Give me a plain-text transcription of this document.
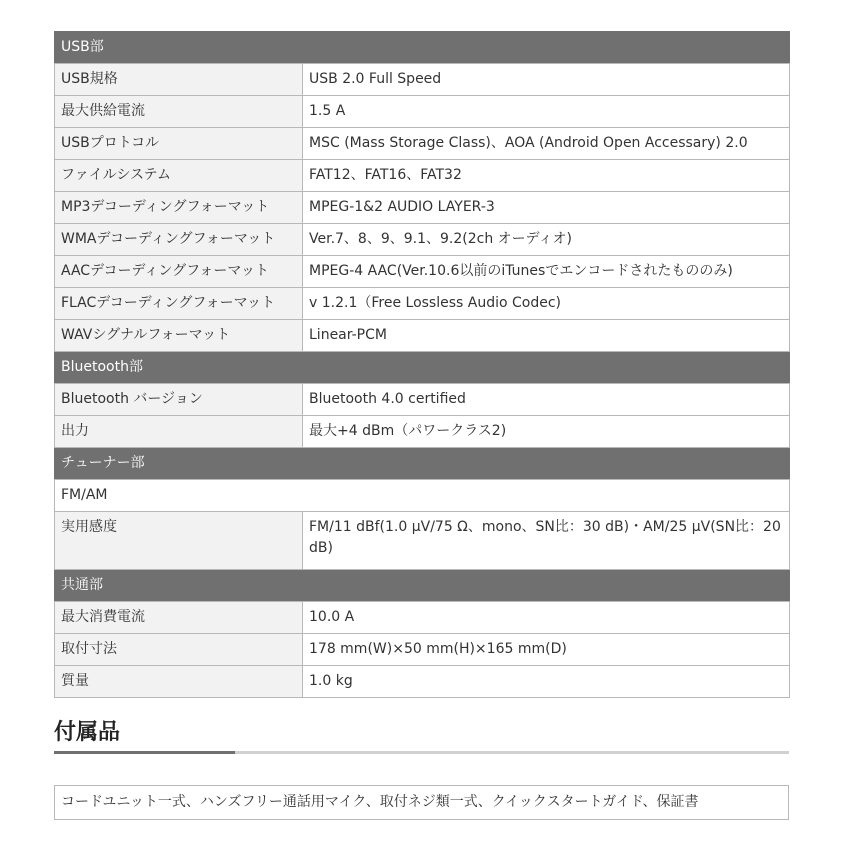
USB部	
USB規格	USB 2.0 Full Speed
最大供給電流	1.5 A
USBプロトコル	MSC (Mass Storage Class)、AOA (Android Open Accessary) 2.0
ファイルシステム	FAT12、FAT16、FAT32
MP3デコーディングフォーマット	MPEG-1&2 AUDIO LAYER-3
WMAデコーディングフォーマット	Ver.7、8、9、9.1、9.2(2ch オーディオ)
AACデコーディングフォーマット	MPEG-4 AAC(Ver.10.6以前のiTunesでエンコードされたもののみ)
FLACデコーディングフォーマット	v 1.2.1（Free Lossless Audio Codec)
WAVシグナルフォーマット	Linear-PCM
Bluetooth部	
Bluetooth バージョン	Bluetooth 4.0 certified
出力	最大+4 dBm（パワークラス2)
チューナー部	
FM/AM	
実用感度	FM/11 dBf(1.0 μV/75 Ω、mono、SN比：30 dB)・AM/25 μV(SN比：20 dB)
共通部	
最大消費電流	10.0 A
取付寸法	178 mm(W)×50 mm(H)×165 mm(D)
質量	1.0 kg
付属品
コードユニット一式、ハンズフリー通話用マイク、取付ネジ類一式、クイックスタートガイド、保証書
